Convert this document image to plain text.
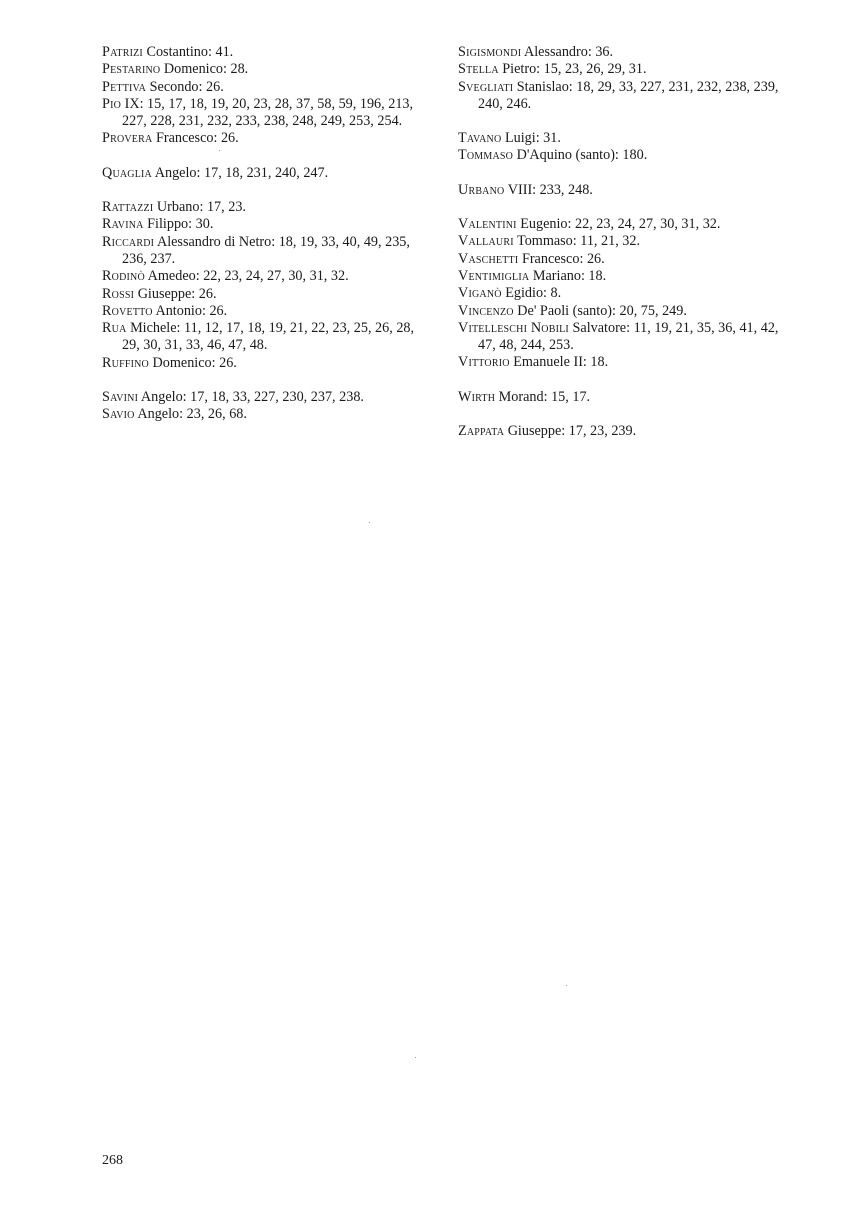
Patrizi Costantino: 41.

Pestarino Domenico: 28.

Pettiva Secondo: 26.

Pio IX: 15, 17, 18, 19, 20, 23, 28, 37, 58, 59, 196, 213, 227, 228, 231, 232, 233, 238, 248, 249, 253, 254.

Provera Francesco: 26.

Quaglia Angelo: 17, 18, 231, 240, 247.

Rattazzi Urbano: 17, 23.

Ravina Filippo: 30.

Riccardi Alessandro di Netro: 18, 19, 33, 40, 49, 235, 236, 237.

Rodinò Amedeo: 22, 23, 24, 27, 30, 31, 32.

Rossi Giuseppe: 26.

Rovetto Antonio: 26.

Rua Michele: 11, 12, 17, 18, 19, 21, 22, 23, 25, 26, 28, 29, 30, 31, 33, 46, 47, 48.

Ruffino Domenico: 26.

Savini Angelo: 17, 18, 33, 227, 230, 237, 238.

Savio Angelo: 23, 26, 68.

Sigismondi Alessandro: 36.

Stella Pietro: 15, 23, 26, 29, 31.

Svegliati Stanislao: 18, 29, 33, 227, 231, 232, 238, 239, 240, 246.

Tavano Luigi: 31.

Tommaso D'Aquino (santo): 180.

Urbano VIII: 233, 248.

Valentini Eugenio: 22, 23, 24, 27, 30, 31, 32.

Vallauri Tommaso: 11, 21, 32.

Vaschetti Francesco: 26.

Ventimiglia Mariano: 18.

Viganò Egidio: 8.

Vincenzo De' Paoli (santo): 20, 75, 249.

Vitelleschi Nobili Salvatore: 11, 19, 21, 35, 36, 41, 42, 47, 48, 244, 253.

Vittorio Emanuele II: 18.

Wirth Morand: 15, 17.

Zappata Giuseppe: 17, 23, 239.

268
